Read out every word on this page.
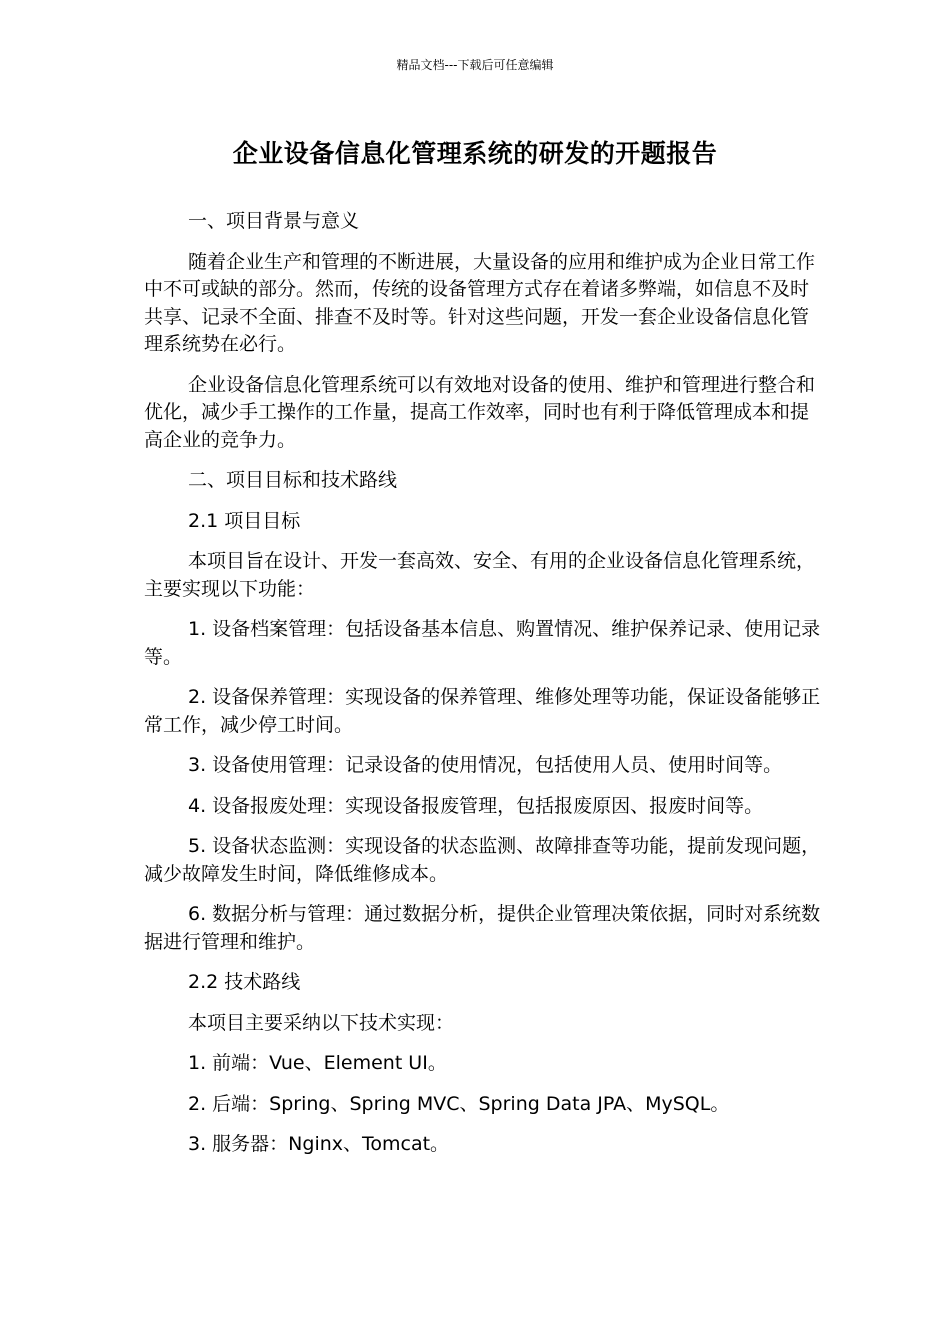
精品文档---下载后可任意编辑
企业设备信息化管理系统的研发的开题报告
一、项目背景与意义
随着企业生产和管理的不断进展，大量设备的应用和维护成为企业日常工作中不可或缺的部分。然而，传统的设备管理方式存在着诸多弊端，如信息不及时共享、记录不全面、排查不及时等。针对这些问题，开发一套企业设备信息化管理系统势在必行。
企业设备信息化管理系统可以有效地对设备的使用、维护和管理进行整合和优化，减少手工操作的工作量，提高工作效率，同时也有利于降低管理成本和提高企业的竞争力。
二、项目目标和技术路线
2.1 项目目标
本项目旨在设计、开发一套高效、安全、有用的企业设备信息化管理系统，主要实现以下功能：
1. 设备档案管理：包括设备基本信息、购置情况、维护保养记录、使用记录等。
2. 设备保养管理：实现设备的保养管理、维修处理等功能，保证设备能够正常工作，减少停工时间。
3. 设备使用管理：记录设备的使用情况，包括使用人员、使用时间等。
4. 设备报废处理：实现设备报废管理，包括报废原因、报废时间等。
5. 设备状态监测：实现设备的状态监测、故障排查等功能，提前发现问题，减少故障发生时间，降低维修成本。
6. 数据分析与管理：通过数据分析，提供企业管理决策依据，同时对系统数据进行管理和维护。
2.2 技术路线
本项目主要采纳以下技术实现：
1. 前端：Vue、Element UI。
2. 后端：Spring、Spring MVC、Spring Data JPA、MySQL。
3. 服务器：Nginx、Tomcat。
